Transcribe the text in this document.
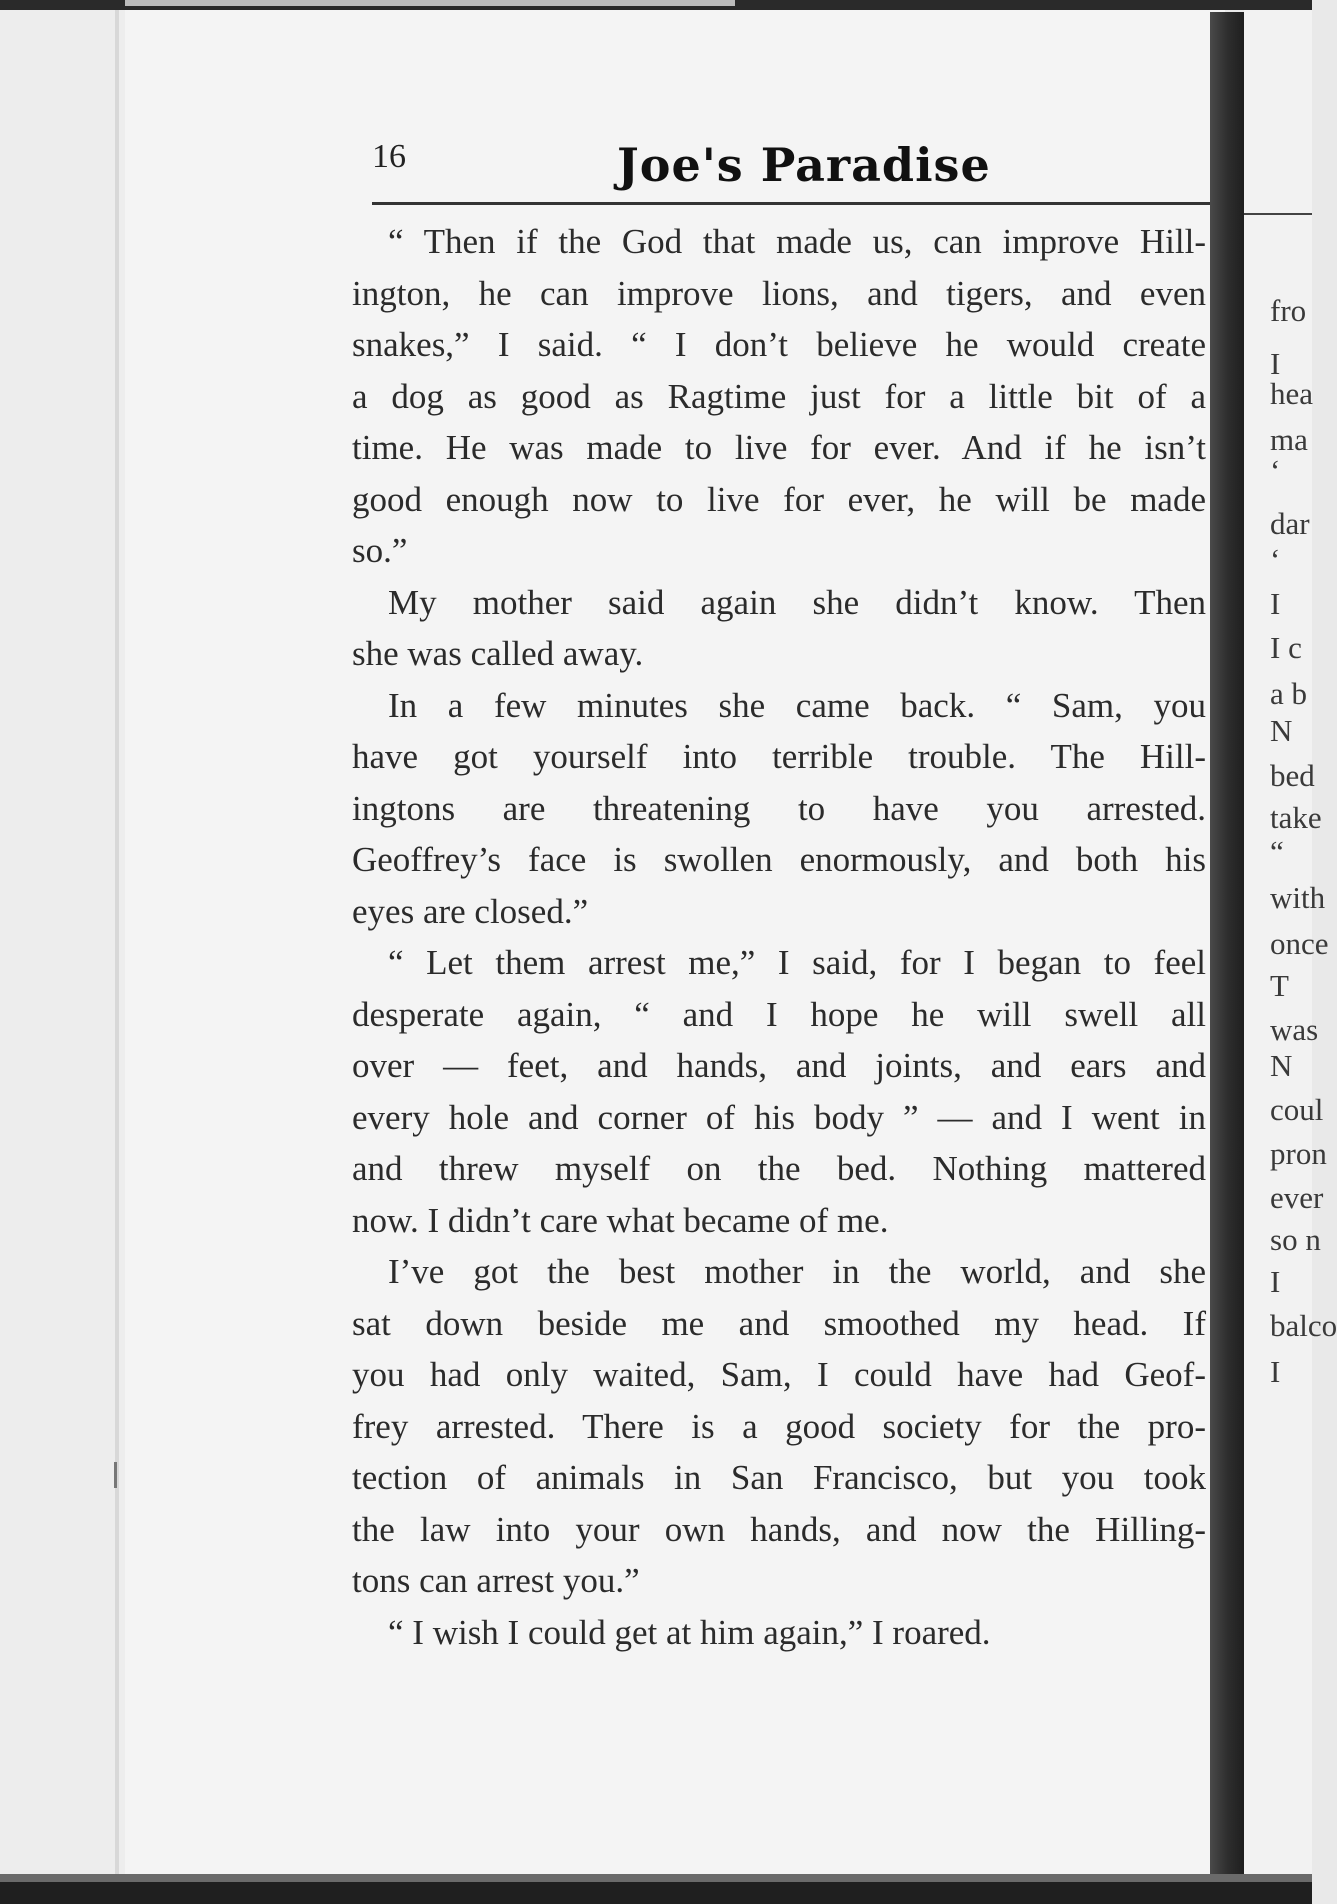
16	Joe's Paradise
“ Then if the God that made us, can improve Hill-
ington, he can improve lions, and tigers, and even
snakes,” I said. “ I don’t believe he would create
a dog as good as Ragtime just for a little bit of a
time. He was made to live for ever. And if he isn’t
good enough now to live for ever, he will be made
so.”
My mother said again she didn’t know. Then
she was called away.
In a few minutes she came back. “ Sam, you
have got yourself into terrible trouble. The Hill-
ingtons are threatening to have you arrested.
Geoffrey’s face is swollen enormously, and both his
eyes are closed.”
“ Let them arrest me,” I said, for I began to feel
desperate again, “ and I hope he will swell all
over — feet, and hands, and joints, and ears and
every hole and corner of his body ” — and I went in
and threw myself on the bed. Nothing mattered
now. I didn’t care what became of me.
I’ve got the best mother in the world, and she
sat down beside me and smoothed my head. If
you had only waited, Sam, I could have had Geof-
frey arrested. There is a good society for the pro-
tection of animals in San Francisco, but you took
the law into your own hands, and now the Hilling-
tons can arrest you.”
“ I wish I could get at him again,” I roared.
fro
I
hea
ma
‘
dar
‘
I
I c
a b
N
bed
take
“
with
once
T
was
N
coul
pron
ever
so n
I
balco
I
